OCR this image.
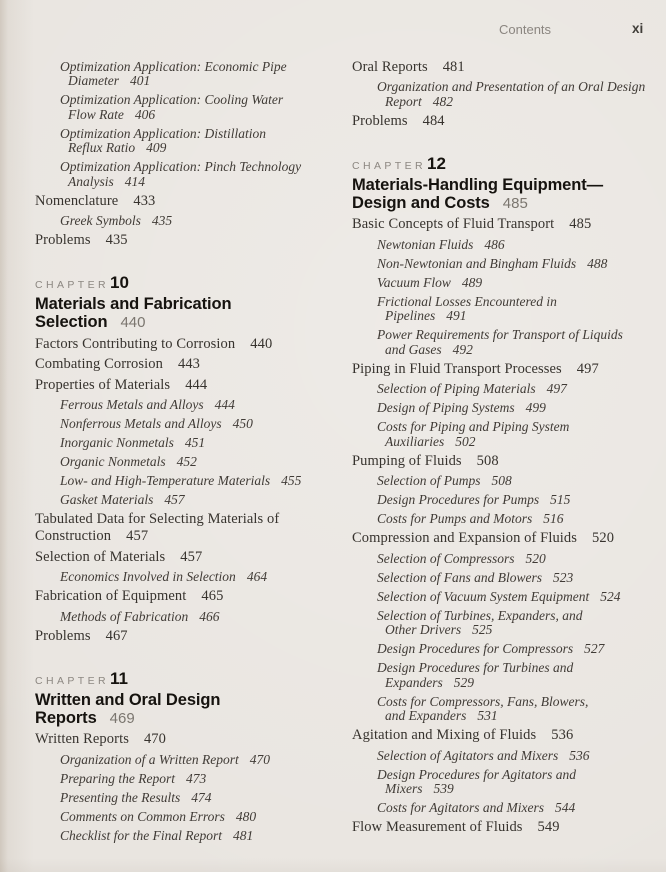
Contents	xi
Optimization Application: Economic Pipe
Diameter 401
Optimization Application: Cooling Water
Flow Rate 406
Optimization Application: Distillation
Reflux Ratio 409
Optimization Application: Pinch Technology
Analysis 414
Nomenclature 433
Greek Symbols 435
Problems 435
CHAPTER10
Materials and Fabrication
Selection 440
Factors Contributing to Corrosion 440
Combating Corrosion 443
Properties of Materials 444
Ferrous Metals and Alloys 444
Nonferrous Metals and Alloys 450
Inorganic Nonmetals 451
Organic Nonmetals 452
Low- and High-Temperature Materials 455
Gasket Materials 457
Tabulated Data for Selecting Materials of
Construction 457
Selection of Materials 457
Economics Involved in Selection 464
Fabrication of Equipment 465
Methods of Fabrication 466
Problems 467
CHAPTER11
Written and Oral Design
Reports 469
Written Reports 470
Organization of a Written Report 470
Preparing the Report 473
Presenting the Results 474
Comments on Common Errors 480
Checklist for the Final Report 481
Oral Reports 481
Organization and Presentation of an Oral Design
Report 482
Problems 484
CHAPTER12
Materials-Handling Equipment—
Design and Costs 485
Basic Concepts of Fluid Transport 485
Newtonian Fluids 486
Non-Newtonian and Bingham Fluids 488
Vacuum Flow 489
Frictional Losses Encountered in
Pipelines 491
Power Requirements for Transport of Liquids
and Gases 492
Piping in Fluid Transport Processes 497
Selection of Piping Materials 497
Design of Piping Systems 499
Costs for Piping and Piping System
Auxiliaries 502
Pumping of Fluids 508
Selection of Pumps 508
Design Procedures for Pumps 515
Costs for Pumps and Motors 516
Compression and Expansion of Fluids 520
Selection of Compressors 520
Selection of Fans and Blowers 523
Selection of Vacuum System Equipment 524
Selection of Turbines, Expanders, and
Other Drivers 525
Design Procedures for Compressors 527
Design Procedures for Turbines and
Expanders 529
Costs for Compressors, Fans, Blowers,
and Expanders 531
Agitation and Mixing of Fluids 536
Selection of Agitators and Mixers 536
Design Procedures for Agitators and
Mixers 539
Costs for Agitators and Mixers 544
Flow Measurement of Fluids 549
